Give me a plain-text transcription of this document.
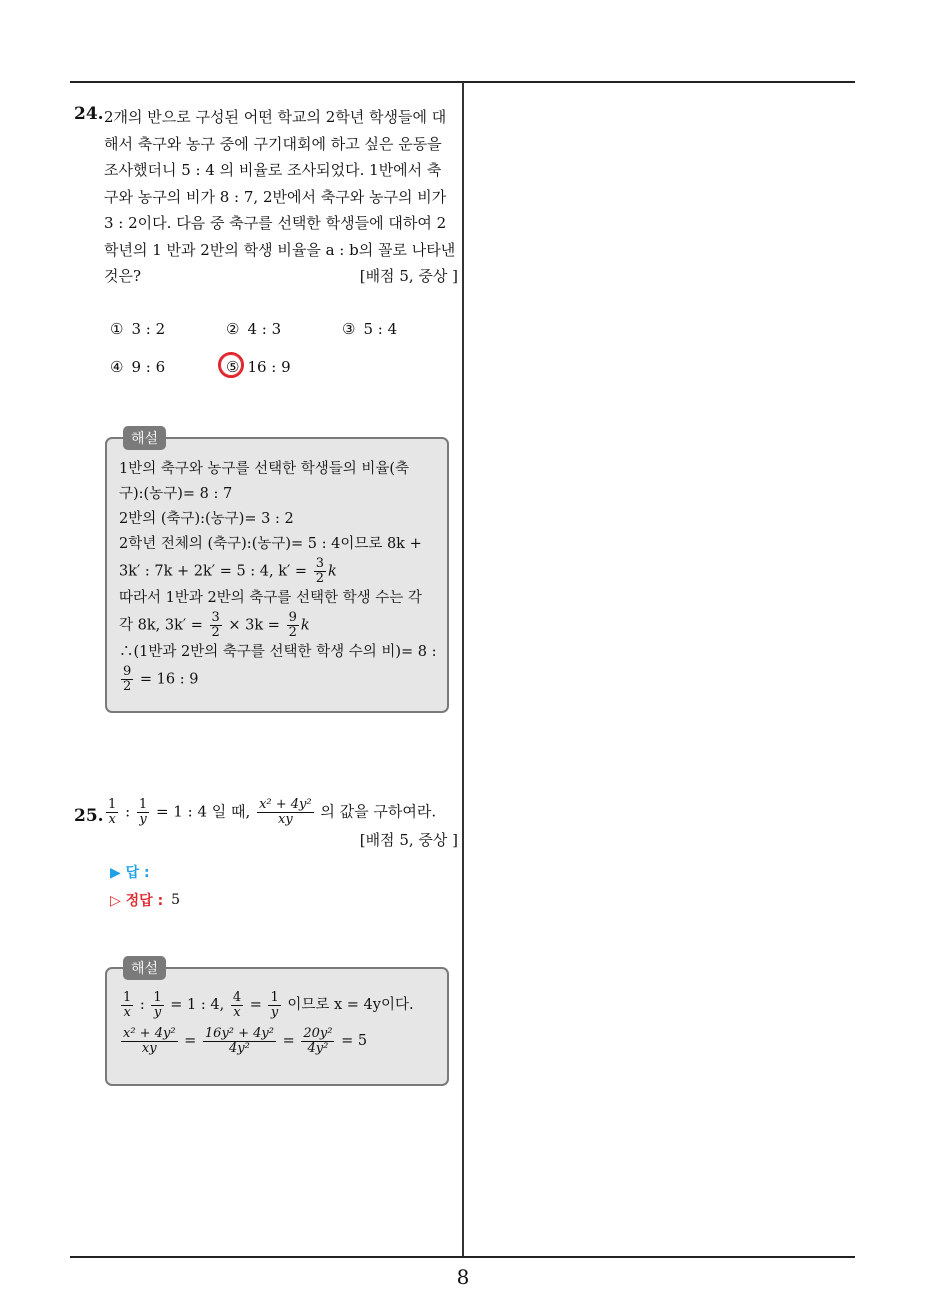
8
24. 2개의 반으로 구성된 어떤 학교의 2학년 학생들에 대
해서 축구와 농구 중에 구기대회에 하고 싶은 운동을
조사했더니 5 : 4 의 비율로 조사되었다. 1반에서 축
구와 농구의 비가 8 : 7, 2반에서 축구와 농구의 비가
3 : 2이다. 다음 중 축구를 선택한 학생들에 대하여 2
학년의 1 반과 2반의 학생 비율을 a : b의 꼴로 나타낸
것은?	[배점 5, 중상 ]
① 3 : 2	② 4 : 3	③ 5 : 4
④ 9 : 6	⑤ 16 : 9
해설
1반의 축구와 농구를 선택한 학생들의 비율(축
구):(농구)= 8 : 7
2반의 (축구):(농구)= 3 : 2
2학년 전체의 (축구):(농구)= 5 : 4이므로 8k +
3k′ : 7k + 2k′ = 5 : 4, $k' = \frac{3}{2}$ k
따라서 1반과 2반의 축구를 선택한 학생 수는 각
각 8k, $3k' = \frac{3}{2} \times 3k = \frac{9}{2}$ k
∴(1반과 2반의 축구를 선택한 학생 수의 비)= 8 :
$\frac{9}{2} = 16$ : 9
25. $\frac{1}{x}$ : $\frac{1}{y} = 1$ : 4 일 때, $\frac{\text{x² + 4y²}}{xy}$ 의 값을 구하여라.
[배점 5, 중상 ]
▶ 답 :
▷ 정답 : 5
해설
$\frac{1}{x}$ : $\frac{1}{y} = 1$ : 4, $\frac{4}{x} = \frac{1}{y}$ 이므로 x = 4y이다.
$\frac{\text{x² + 4y²}}{xy} = \frac{\text{16y² + 4y²}}{\text{4y²}} = \frac{\text{20y²}}{\text{4y²}} = 5$
